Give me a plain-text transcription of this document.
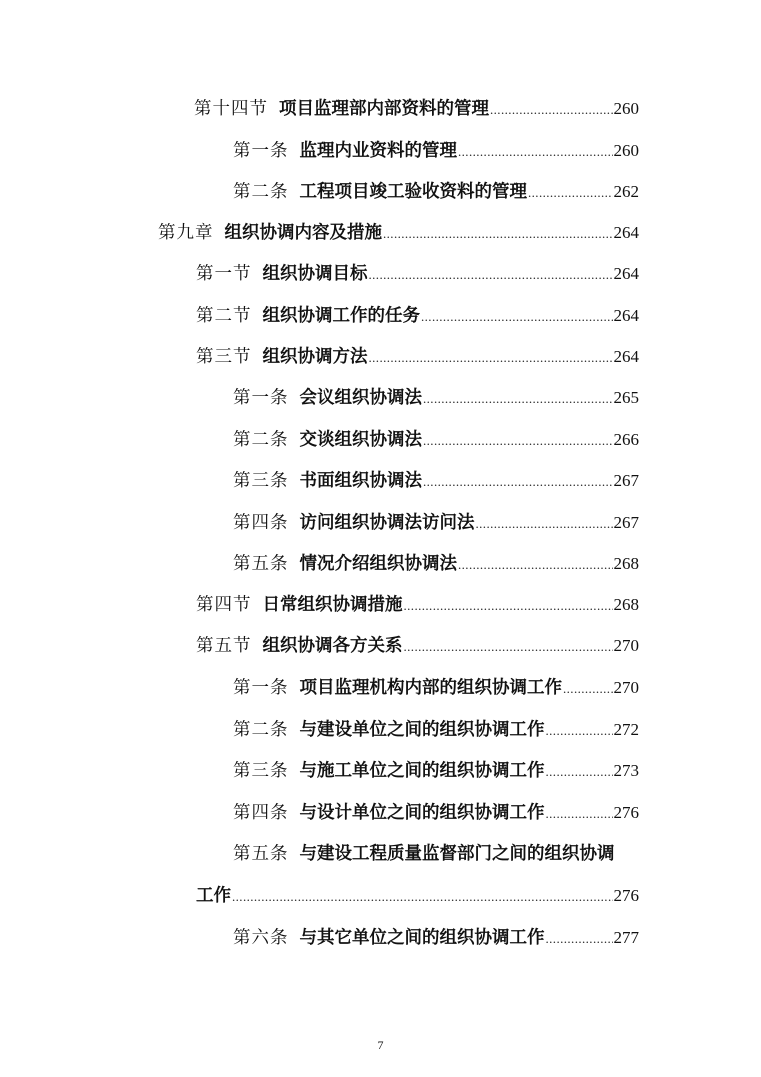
第十四节 项目监理部内部资料的管理 .....	260
第一条 监理内业资料的管理 .....	260
第二条 工程项目竣工验收资料的管理 .....	262
第九章 组织协调内容及措施 .....	264
第一节 组织协调目标 .....	264
第二节 组织协调工作的任务 .....	264
第三节 组织协调方法 .....	264
第一条 会议组织协调法 .....	265
第二条 交谈组织协调法 .....	266
第三条 书面组织协调法 .....	267
第四条 访问组织协调法访问法 .....	267
第五条 情况介绍组织协调法 .....	268
第四节 日常组织协调措施 .....	268
第五节 组织协调各方关系 .....	270
第一条 项目监理机构内部的组织协调工作 .....	270
第二条 与建设单位之间的组织协调工作 .....	272
第三条 与施工单位之间的组织协调工作 .....	273
第四条 与设计单位之间的组织协调工作 .....	276
第五条 与建设工程质量监督部门之间的组织协调
工作 .....	276
第六条 与其它单位之间的组织协调工作 .....	277
7
